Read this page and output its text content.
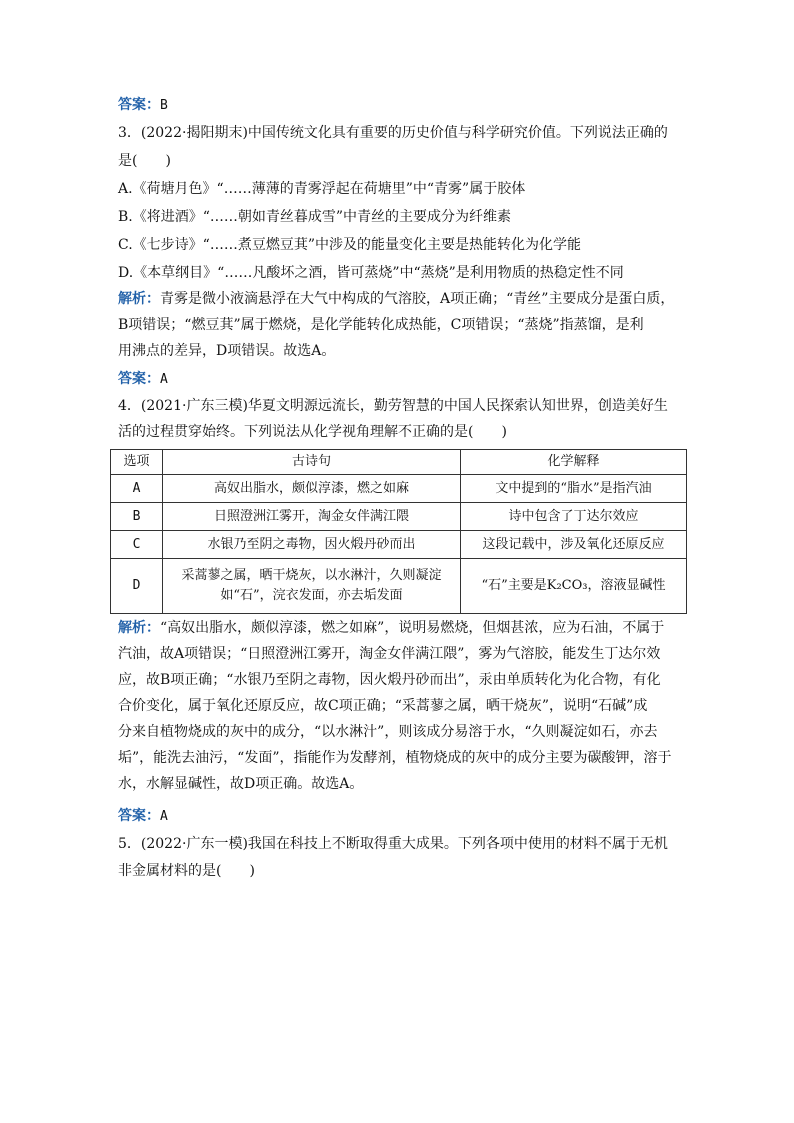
答案：B
3．(2022·揭阳期末)中国传统文化具有重要的历史价值与科学研究价值。下列说法正确的
是(　　)
A.《荷塘月色》“……薄薄的青雾浮起在荷塘里”中“青雾”属于胶体
B.《将进酒》“……朝如青丝暮成雪”中青丝的主要成分为纤维素
C.《七步诗》“……煮豆燃豆萁”中涉及的能量变化主要是热能转化为化学能
D.《本草纲目》“……凡酸坏之酒，皆可蒸烧”中“蒸烧”是利用物质的热稳定性不同
解析：青雾是微小液滴悬浮在大气中构成的气溶胶，A项正确；“青丝”主要成分是蛋白质，
B项错误；“燃豆萁”属于燃烧，是化学能转化成热能，C项错误；“蒸烧”指蒸馏，是利
用沸点的差异，D项错误。故选A。
答案：A
4．(2021·广东三模)华夏文明源远流长，勤劳智慧的中国人民探索认知世界，创造美好生
活的过程贯穿始终。下列说法从化学视角理解不正确的是(　　)
选项	古诗句	化学解释
A	高奴出脂水，颇似淳漆，燃之如麻	文中提到的“脂水”是指汽油
B	日照澄洲江雾开，淘金女伴满江隈	诗中包含了丁达尔效应
C	水银乃至阴之毒物，因火煅丹砂而出	这段记载中，涉及氧化还原反应
D	采蒿蓼之属，晒干烧灰，以水淋汁，久则凝淀
如“石”，浣衣发面，亦去垢发面	“石”主要是K₂CO₃，溶液显碱性
解析：“高奴出脂水，颇似淳漆，燃之如麻”，说明易燃烧，但烟甚浓，应为石油，不属于
汽油，故A项错误；“日照澄洲江雾开，淘金女伴满江隈”，雾为气溶胶，能发生丁达尔效
应，故B项正确；“水银乃至阴之毒物，因火煅丹砂而出”，汞由单质转化为化合物，有化
合价变化，属于氧化还原反应，故C项正确；“采蒿蓼之属，晒干烧灰”，说明“石碱”成
分来自植物烧成的灰中的成分，“以水淋汁”，则该成分易溶于水，“久则凝淀如石，亦去
垢”，能洗去油污，“发面”，指能作为发酵剂，植物烧成的灰中的成分主要为碳酸钾，溶于
水，水解显碱性，故D项正确。故选A。
答案：A
5．(2022·广东一模)我国在科技上不断取得重大成果。下列各项中使用的材料不属于无机
非金属材料的是(　　)
